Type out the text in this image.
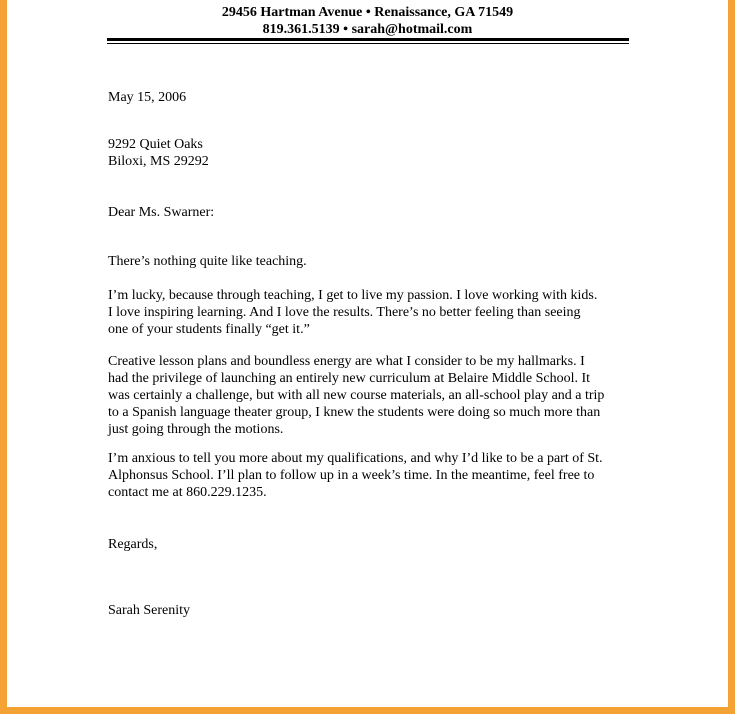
29456 Hartman Avenue • Renaissance, GA 71549
819.361.5139 • sarah@hotmail.com
May 15, 2006
9292 Quiet Oaks
Biloxi, MS 29292
Dear Ms. Swarner:
There’s nothing quite like teaching.
I’m lucky, because through teaching, I get to live my passion. I love working with kids.
I love inspiring learning. And I love the results. There’s no better feeling than seeing
one of your students finally “get it.”
Creative lesson plans and boundless energy are what I consider to be my hallmarks. I
had the privilege of launching an entirely new curriculum at Belaire Middle School. It
was certainly a challenge, but with all new course materials, an all-school play and a trip
to a Spanish language theater group, I knew the students were doing so much more than
just going through the motions.
I’m anxious to tell you more about my qualifications, and why I’d like to be a part of St.
Alphonsus School. I’ll plan to follow up in a week’s time. In the meantime, feel free to
contact me at 860.229.1235.
Regards,
Sarah Serenity
